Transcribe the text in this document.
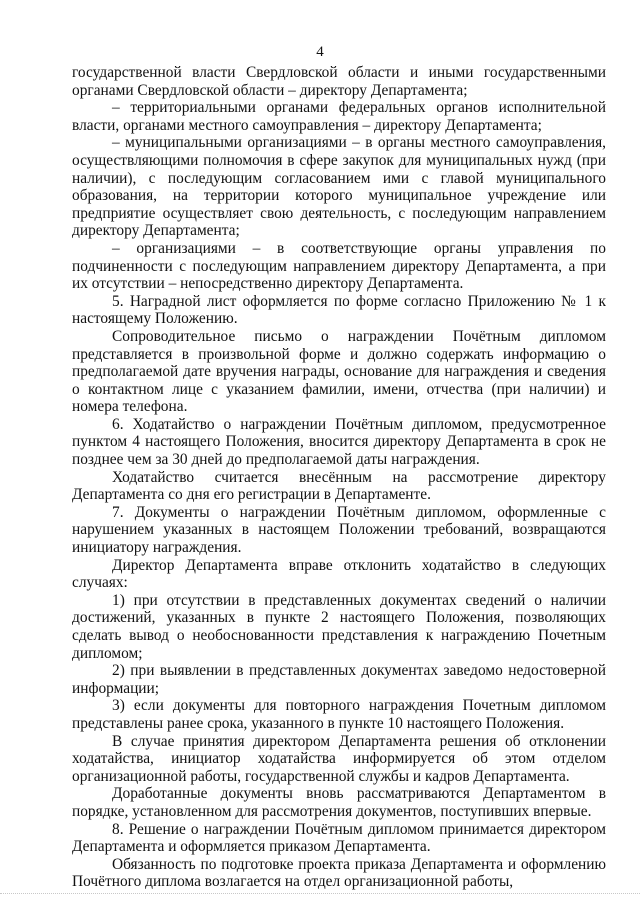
4

государственной власти Свердловской области и иными государственными органами Свердловской области – директору Департамента;

– территориальными органами федеральных органов исполнительной власти, органами местного самоуправления – директору Департамента;

– муниципальными организациями – в органы местного самоуправления, осуществляющими полномочия в сфере закупок для муниципальных нужд (при наличии), с последующим согласованием ими с главой муниципального образования, на территории которого муниципальное учреждение или предприятие осуществляет свою деятельность, с последующим направлением директору Департамента;

– организациями – в соответствующие органы управления по подчиненности с последующим направлением директору Департамента, а при их отсутствии – непосредственно директору Департамента.

5. Наградной лист оформляется по форме согласно Приложению № 1 к настоящему Положению.

Сопроводительное письмо о награждении Почётным дипломом представляется в произвольной форме и должно содержать информацию о предполагаемой дате вручения награды, основание для награждения и сведения о контактном лице с указанием фамилии, имени, отчества (при наличии) и номера телефона.

6. Ходатайство о награждении Почётным дипломом, предусмотренное пунктом 4 настоящего Положения, вносится директору Департамента в срок не позднее чем за 30 дней до предполагаемой даты награждения.

Ходатайство считается внесённым на рассмотрение директору Департамента со дня его регистрации в Департаменте.

7. Документы о награждении Почётным дипломом, оформленные с нарушением указанных в настоящем Положении требований, возвращаются инициатору награждения.

Директор Департамента вправе отклонить ходатайство в следующих случаях:

1) при отсутствии в представленных документах сведений о наличии достижений, указанных в пункте 2 настоящего Положения, позволяющих сделать вывод о необоснованности представления к награждению Почетным дипломом;

2) при выявлении в представленных документах заведомо недостоверной информации;

3) если документы для повторного награждения Почетным дипломом представлены ранее срока, указанного в пункте 10 настоящего Положения.

В случае принятия директором Департамента решения об отклонении ходатайства, инициатор ходатайства информируется об этом отделом организационной работы, государственной службы и кадров Департамента.

Доработанные документы вновь рассматриваются Департаментом в порядке, установленном для рассмотрения документов, поступивших впервые.

8. Решение о награждении Почётным дипломом принимается директором Департамента и оформляется приказом Департамента.

Обязанность по подготовке проекта приказа Департамента и оформлению Почётного диплома возлагается на отдел организационной работы,
